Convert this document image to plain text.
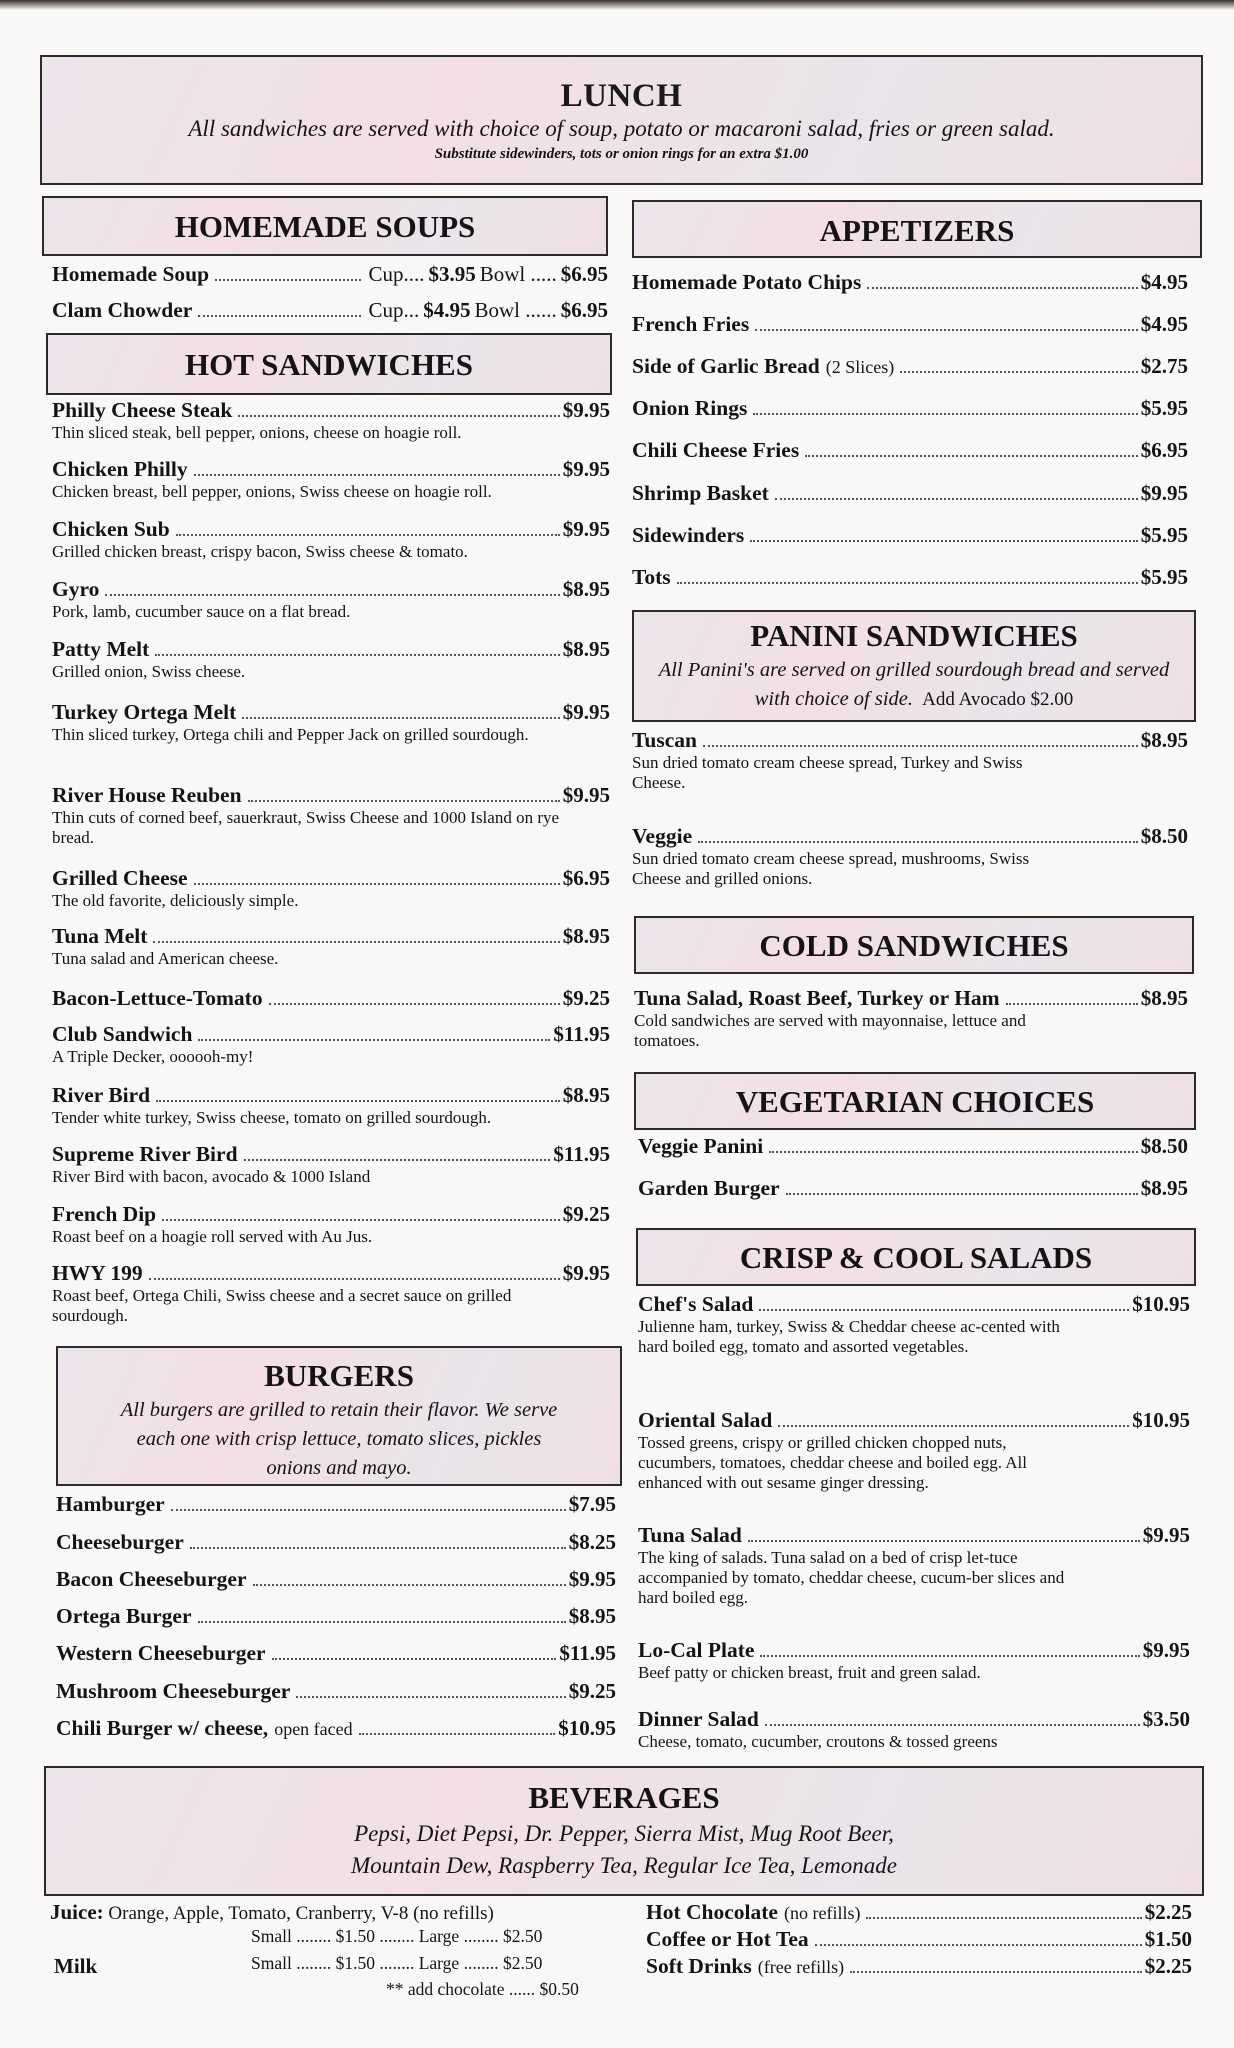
LUNCH
All sandwiches are served with choice of soup, potato or macaroni salad, fries or green salad.
Substitute sidewinders, tots or onion rings for an extra $1.00
HOMEMADE SOUPS
Homemade Soup	Cup.... $3.95 Bowl ..... $6.95
Clam Chowder	Cup... $4.95 Bowl ...... $6.95
HOT SANDWICHES
Philly Cheese Steak	$9.95
Thin sliced steak, bell pepper, onions, cheese on hoagie roll.
Chicken Philly	$9.95
Chicken breast, bell pepper, onions, Swiss cheese on hoagie roll.
Chicken Sub	$9.95
Grilled chicken breast, crispy bacon, Swiss cheese & tomato.
Gyro	$8.95
Pork, lamb, cucumber sauce on a flat bread.
Patty Melt	$8.95
Grilled onion, Swiss cheese.
Turkey Ortega Melt	$9.95
Thin sliced turkey, Ortega chili and Pepper Jack on grilled sourdough.
River House Reuben	$9.95
Thin cuts of corned beef, sauerkraut, Swiss Cheese and 1000 Island on rye bread.
Grilled Cheese	$6.95
The old favorite, deliciously simple.
Tuna Melt	$8.95
Tuna salad and American cheese.
Bacon-Lettuce-Tomato	$9.25
Club Sandwich	$11.95
A Triple Decker, oooooh-my!
River Bird	$8.95
Tender white turkey, Swiss cheese, tomato on grilled sourdough.
Supreme River Bird	$11.95
River Bird with bacon, avocado & 1000 Island
French Dip	$9.25
Roast beef on a hoagie roll served with Au Jus.
HWY 199	$9.95
Roast beef, Ortega Chili, Swiss cheese and a secret sauce on grilled sourdough.
BURGERS
All burgers are grilled to retain their flavor. We serve each one with crisp lettuce, tomato slices, pickles onions and mayo.
Hamburger	$7.95
Cheeseburger	$8.25
Bacon Cheeseburger	$9.95
Ortega Burger	$8.95
Western Cheeseburger	$11.95
Mushroom Cheeseburger	$9.25
Chili Burger w/ cheese, open faced	$10.95
APPETIZERS
Homemade Potato Chips	$4.95
French Fries	$4.95
Side of Garlic Bread (2 Slices)	$2.75
Onion Rings	$5.95
Chili Cheese Fries	$6.95
Shrimp Basket	$9.95
Sidewinders	$5.95
Tots	$5.95
PANINI SANDWICHES
All Panini's are served on grilled sourdough bread and served with choice of side. Add Avocado $2.00
Tuscan	$8.95
Sun dried tomato cream cheese spread, Turkey and Swiss Cheese.
Veggie	$8.50
Sun dried tomato cream cheese spread, mushrooms, Swiss Cheese and grilled onions.
COLD SANDWICHES
Tuna Salad, Roast Beef, Turkey or Ham	$8.95
Cold sandwiches are served with mayonnaise, lettuce and tomatoes.
VEGETARIAN CHOICES
Veggie Panini	$8.50
Garden Burger	$8.95
CRISP & COOL SALADS
Chef's Salad	$10.95
Julienne ham, turkey, Swiss & Cheddar cheese ac-cented with hard boiled egg, tomato and assorted vegetables.
Oriental Salad	$10.95
Tossed greens, crispy or grilled chicken chopped nuts, cucumbers, tomatoes, cheddar cheese and boiled egg. All enhanced with out sesame ginger dressing.
Tuna Salad	$9.95
The king of salads. Tuna salad on a bed of crisp let-tuce accompanied by tomato, cheddar cheese, cucum-ber slices and hard boiled egg.
Lo-Cal Plate	$9.95
Beef patty or chicken breast, fruit and green salad.
Dinner Salad	$3.50
Cheese, tomato, cucumber, croutons & tossed greens
BEVERAGES
Pepsi, Diet Pepsi, Dr. Pepper, Sierra Mist, Mug Root Beer,
Mountain Dew, Raspberry Tea, Regular Ice Tea, Lemonade
Juice: Orange, Apple, Tomato, Cranberry, V-8 (no refills)
Small ........ $1.50 ........ Large ........ $2.50
Milk	Small ........ $1.50 ........ Large ........ $2.50
** add chocolate ...... $0.50
Hot Chocolate (no refills)	$2.25
Coffee or Hot Tea	$1.50
Soft Drinks (free refills)	$2.25
